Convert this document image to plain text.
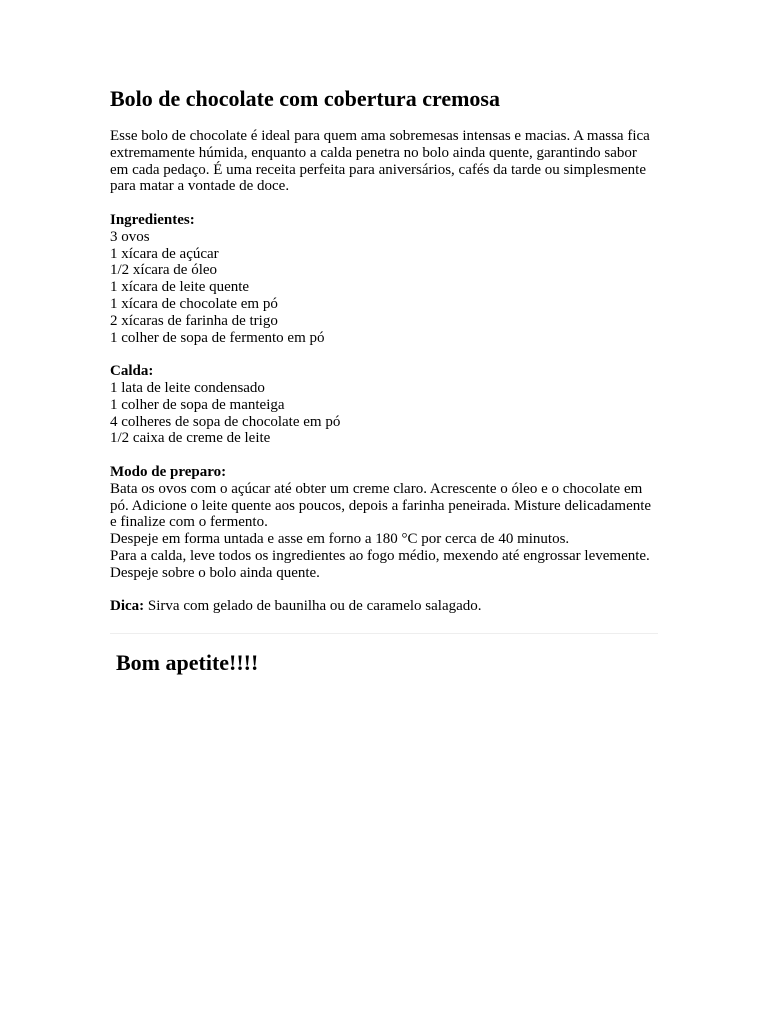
Bolo de chocolate com cobertura cremosa

Esse bolo de chocolate é ideal para quem ama sobremesas intensas e macias. A massa fica extremamente húmida, enquanto a calda penetra no bolo ainda quente, garantindo sabor em cada pedaço. É uma receita perfeita para aniversários, cafés da tarde ou simplesmente para matar a vontade de doce.

Ingredientes:

3 ovos

1 xícara de açúcar

1/2 xícara de óleo

1 xícara de leite quente

1 xícara de chocolate em pó

2 xícaras de farinha de trigo

1 colher de sopa de fermento em pó

Calda:

1 lata de leite condensado

1 colher de sopa de manteiga

4 colheres de sopa de chocolate em pó

1/2 caixa de creme de leite

Modo de preparo:

Bata os ovos com o açúcar até obter um creme claro. Acrescente o óleo e o chocolate em pó. Adicione o leite quente aos poucos, depois a farinha peneirada. Misture delicadamente e finalize com o fermento.

Despeje em forma untada e asse em forno a 180 °C por cerca de 40 minutos.

Para a calda, leve todos os ingredientes ao fogo médio, mexendo até engrossar levemente. Despeje sobre o bolo ainda quente.

Dica: Sirva com gelado de baunilha ou de caramelo salagado.

Bom apetite!!!!
